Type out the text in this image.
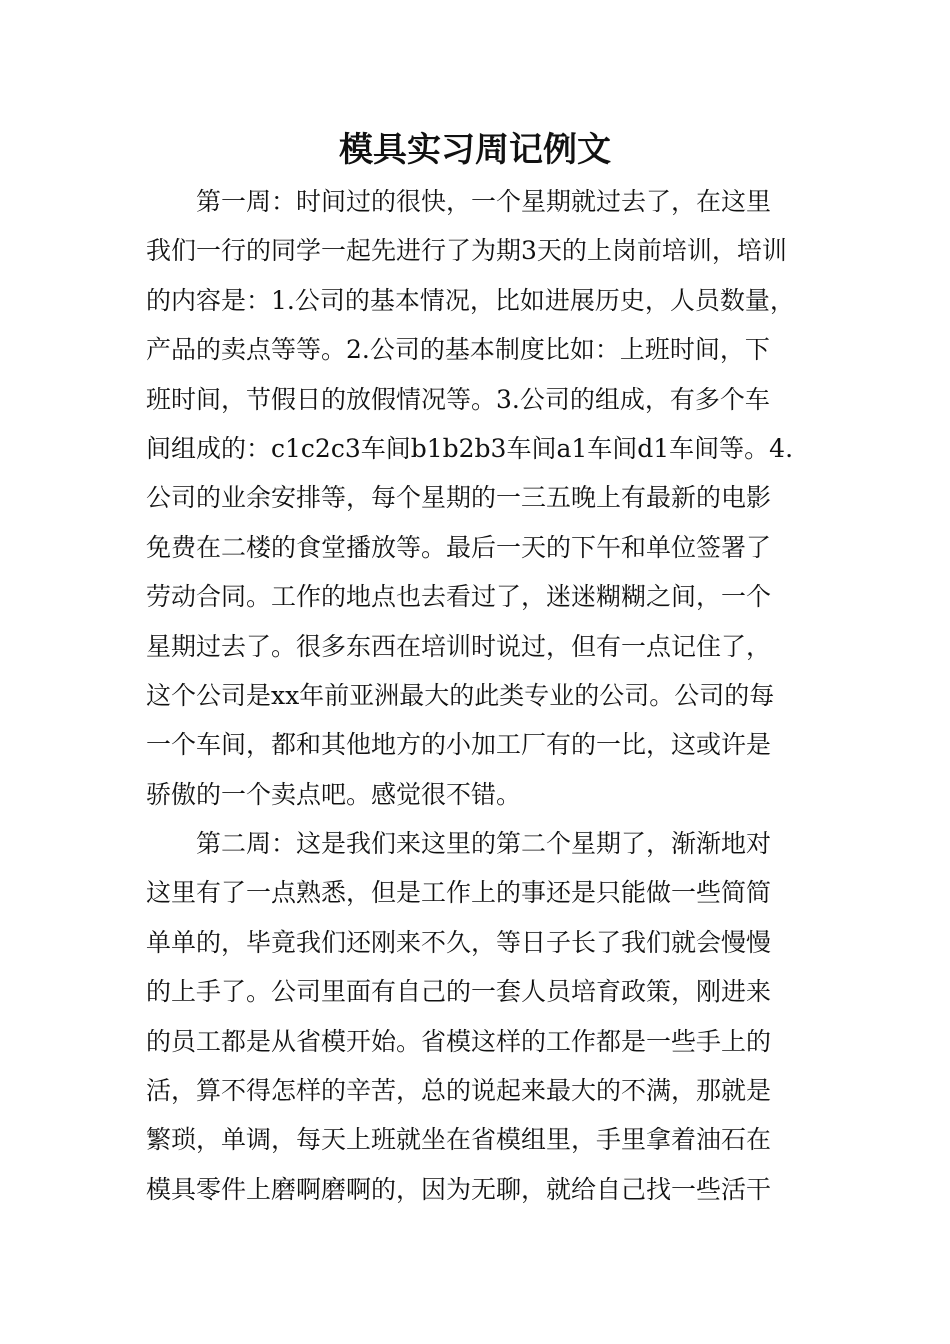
模具实习周记例文
第一周：时间过的很快，一个星期就过去了，在这里
我们一行的同学一起先进行了为期3天的上岗前培训，培训
的内容是：1.公司的基本情况，比如进展历史，人员数量，
产品的卖点等等。2.公司的基本制度比如：上班时间，下
班时间，节假日的放假情况等。3.公司的组成，有多个车
间组成的：c1c2c3车间b1b2b3车间a1车间d1车间等。4.
公司的业余安排等，每个星期的一三五晚上有最新的电影
免费在二楼的食堂播放等。最后一天的下午和单位签署了
劳动合同。工作的地点也去看过了，迷迷糊糊之间，一个
星期过去了。很多东西在培训时说过，但有一点记住了，
这个公司是xx年前亚洲最大的此类专业的公司。公司的每
一个车间，都和其他地方的小加工厂有的一比，这或许是
骄傲的一个卖点吧。感觉很不错。
第二周：这是我们来这里的第二个星期了，渐渐地对
这里有了一点熟悉，但是工作上的事还是只能做一些简简
单单的，毕竟我们还刚来不久，等日子长了我们就会慢慢
的上手了。公司里面有自己的一套人员培育政策，刚进来
的员工都是从省模开始。省模这样的工作都是一些手上的
活，算不得怎样的辛苦，总的说起来最大的不满，那就是
繁琐，单调，每天上班就坐在省模组里，手里拿着油石在
模具零件上磨啊磨啊的，因为无聊，就给自己找一些活干
